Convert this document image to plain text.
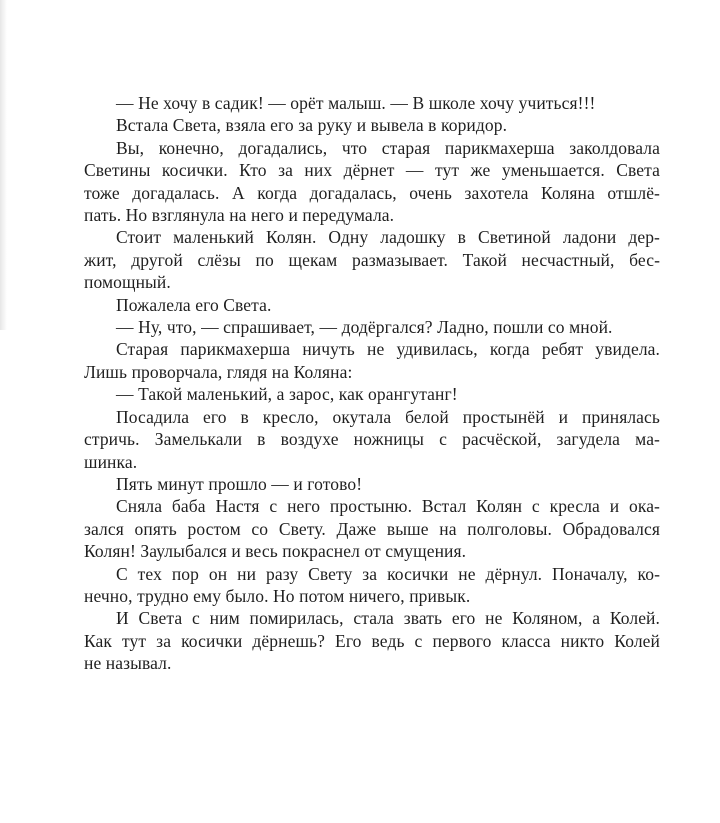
— Не хочу в садик! — орёт малыш. — В школе хочу учиться!!!
Встала Света, взяла его за руку и вывела в коридор.
Вы, конечно, догадались, что старая парикмахерша заколдовала
Светины косички. Кто за них дёрнет — тут же уменьшается. Света
тоже догадалась. А когда догадалась, очень захотела Коляна отшлё-
пать. Но взглянула на него и передумала.
Стоит маленький Колян. Одну ладошку в Светиной ладони дер-
жит, другой слёзы по щекам размазывает. Такой несчастный, бес-
помощный.
Пожалела его Света.
— Ну, что, — спрашивает, — додёргался? Ладно, пошли со мной.
Старая парикмахерша ничуть не удивилась, когда ребят увидела.
Лишь проворчала, глядя на Коляна:
— Такой маленький, а зарос, как орангутанг!
Посадила его в кресло, окутала белой простынёй и принялась
стричь. Замелькали в воздухе ножницы с расчёской, загудела ма-
шинка.
Пять минут прошло — и готово!
Сняла баба Настя с него простыню. Встал Колян с кресла и ока-
зался опять ростом со Свету. Даже выше на полголовы. Обрадовался
Колян! Заулыбался и весь покраснел от смущения.
С тех пор он ни разу Свету за косички не дёрнул. Поначалу, ко-
нечно, трудно ему было. Но потом ничего, привык.
И Света с ним помирилась, стала звать его не Коляном, а Колей.
Как тут за косички дёрнешь? Его ведь с первого класса никто Колей
не называл.
